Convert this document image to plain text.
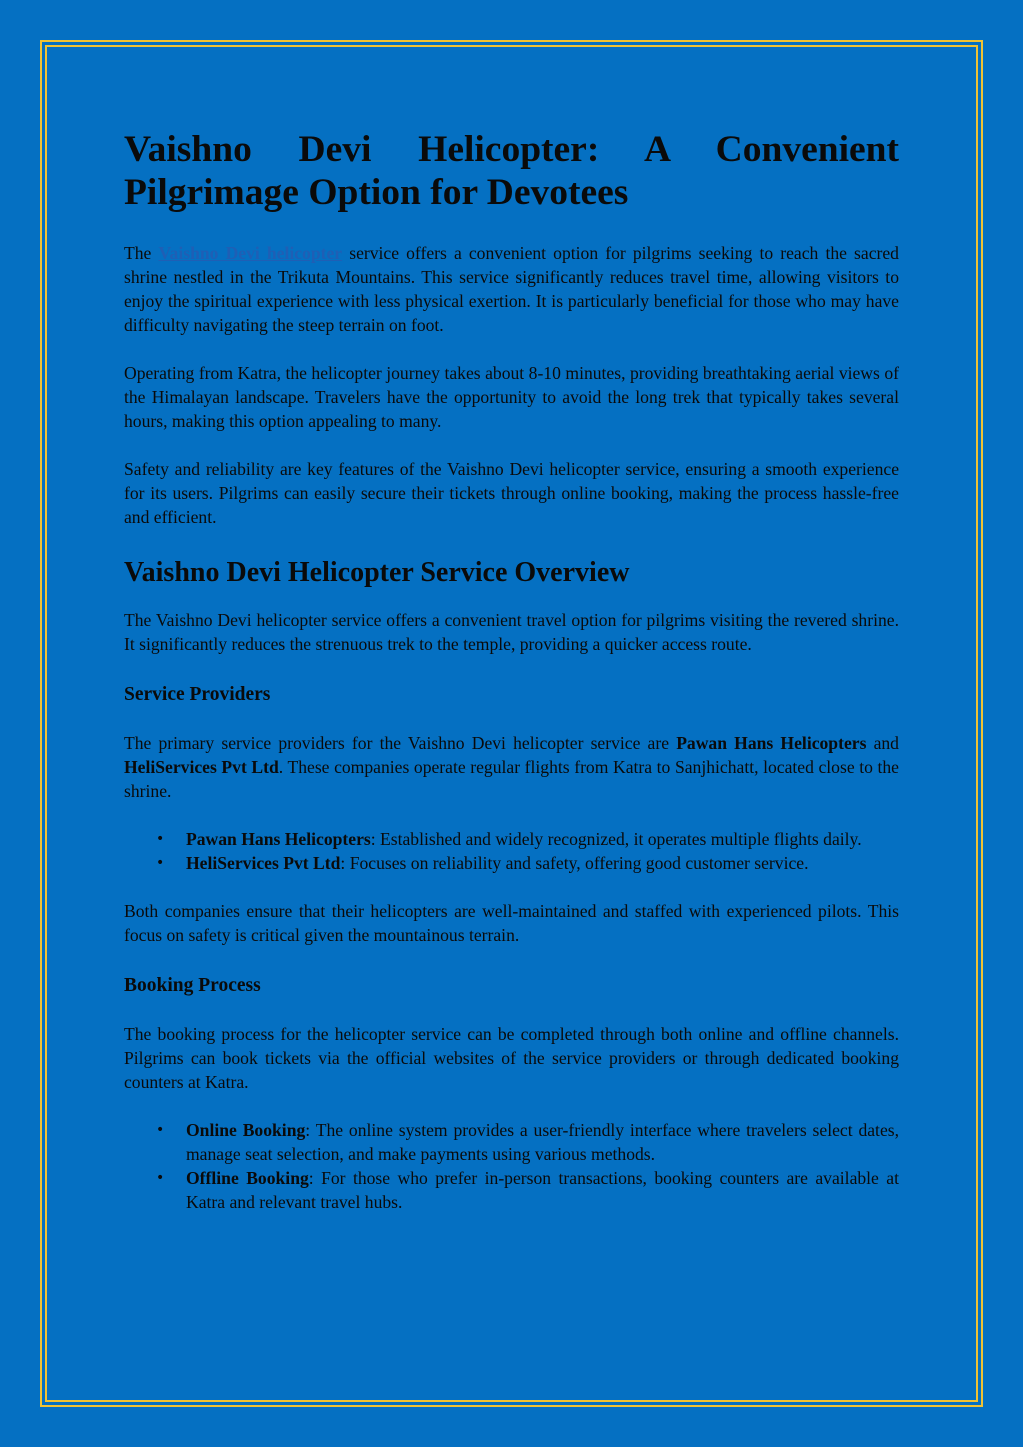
Vaishno Devi Helicopter: A Convenient
Pilgrimage Option for Devotees

The Vaishno Devi helicopter service offers a convenient option for pilgrims seeking to reach the sacred shrine nestled in the Trikuta Mountains. This service significantly reduces travel time, allowing visitors to enjoy the spiritual experience with less physical exertion. It is particularly beneficial for those who may have difficulty navigating the steep terrain on foot.

Operating from Katra, the helicopter journey takes about 8-10 minutes, providing breathtaking aerial views of the Himalayan landscape. Travelers have the opportunity to avoid the long trek that typically takes several hours, making this option appealing to many.

Safety and reliability are key features of the Vaishno Devi helicopter service, ensuring a smooth experience for its users. Pilgrims can easily secure their tickets through online booking, making the process hassle-free and efficient.

Vaishno Devi Helicopter Service Overview

The Vaishno Devi helicopter service offers a convenient travel option for pilgrims visiting the revered shrine. It significantly reduces the strenuous trek to the temple, providing a quicker access route.

Service Providers

The primary service providers for the Vaishno Devi helicopter service are Pawan Hans Helicopters and HeliServices Pvt Ltd. These companies operate regular flights from Katra to Sanjhichatt, located close to the shrine.

• Pawan Hans Helicopters: Established and widely recognized, it operates multiple flights daily.
• HeliServices Pvt Ltd: Focuses on reliability and safety, offering good customer service.

Both companies ensure that their helicopters are well-maintained and staffed with experienced pilots. This focus on safety is critical given the mountainous terrain.

Booking Process

The booking process for the helicopter service can be completed through both online and offline channels. Pilgrims can book tickets via the official websites of the service providers or through dedicated booking counters at Katra.

• Online Booking: The online system provides a user-friendly interface where travelers select dates, manage seat selection, and make payments using various methods.
• Offline Booking: For those who prefer in-person transactions, booking counters are available at Katra and relevant travel hubs.
